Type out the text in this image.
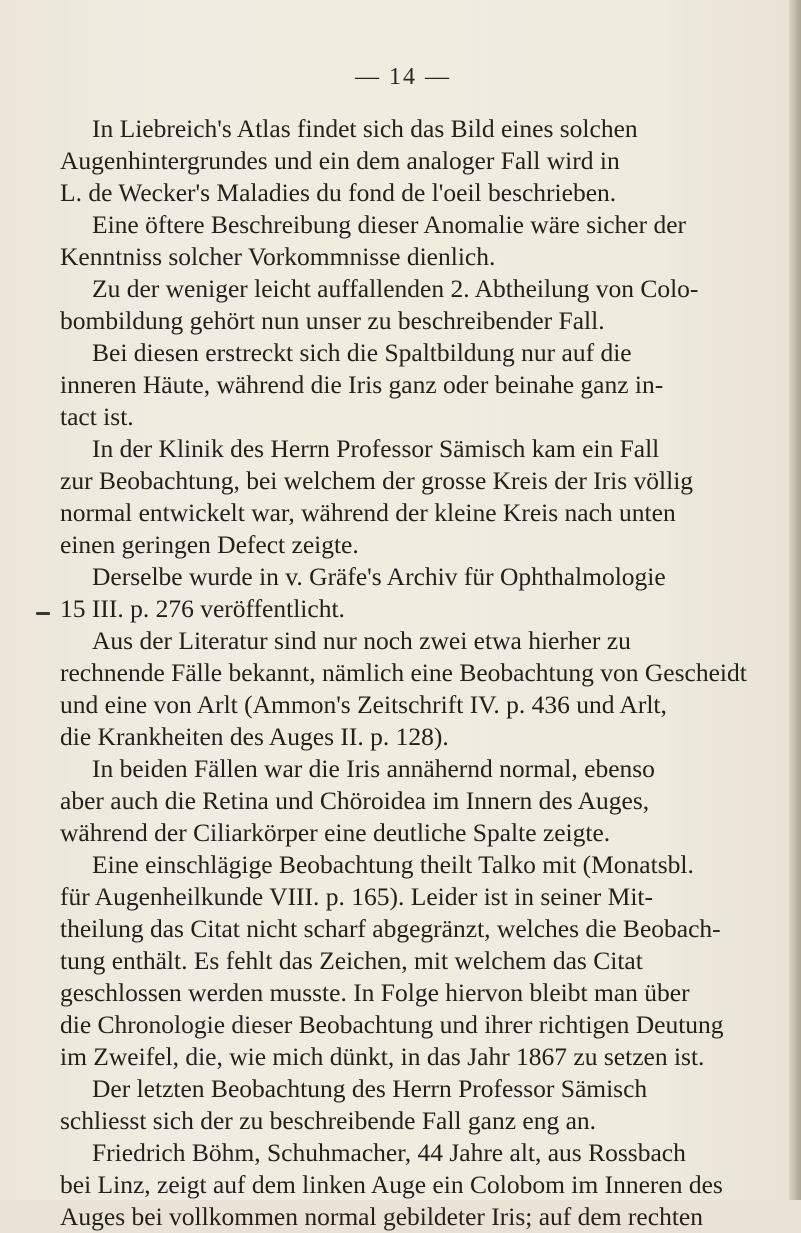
— 14 —
In Liebreich's Atlas findet sich das Bild eines solchen
Augenhintergrundes und ein dem analoger Fall wird in
L. de Wecker's Maladies du fond de l'oeil beschrieben.
Eine öftere Beschreibung dieser Anomalie wäre sicher der
Kenntniss solcher Vorkommnisse dienlich.
Zu der weniger leicht auffallenden 2. Abtheilung von Colo-
bombildung gehört nun unser zu beschreibender Fall.
Bei diesen erstreckt sich die Spaltbildung nur auf die
inneren Häute, während die Iris ganz oder beinahe ganz in-
tact ist.
In der Klinik des Herrn Professor Sämisch kam ein Fall
zur Beobachtung, bei welchem der grosse Kreis der Iris völlig
normal entwickelt war, während der kleine Kreis nach unten
einen geringen Defect zeigte.
Derselbe wurde in v. Gräfe's Archiv für Ophthalmologie
15 III. p. 276 veröffentlicht.
Aus der Literatur sind nur noch zwei etwa hierher zu
rechnende Fälle bekannt, nämlich eine Beobachtung von Gescheidt
und eine von Arlt (Ammon's Zeitschrift IV. p. 436 und Arlt,
die Krankheiten des Auges II. p. 128).
In beiden Fällen war die Iris annähernd normal, ebenso
aber auch die Retina und Chöroidea im Innern des Auges,
während der Ciliarkörper eine deutliche Spalte zeigte.
Eine einschlägige Beobachtung theilt Talko mit (Monatsbl.
für Augenheilkunde VIII. p. 165). Leider ist in seiner Mit-
theilung das Citat nicht scharf abgegränzt, welches die Beobach-
tung enthält. Es fehlt das Zeichen, mit welchem das Citat
geschlossen werden musste. In Folge hiervon bleibt man über
die Chronologie dieser Beobachtung und ihrer richtigen Deutung
im Zweifel, die, wie mich dünkt, in das Jahr 1867 zu setzen ist.
Der letzten Beobachtung des Herrn Professor Sämisch
schliesst sich der zu beschreibende Fall ganz eng an.
Friedrich Böhm, Schuhmacher, 44 Jahre alt, aus Rossbach
bei Linz, zeigt auf dem linken Auge ein Colobom im Inneren des
Auges bei vollkommen normal gebildeter Iris; auf dem rechten
